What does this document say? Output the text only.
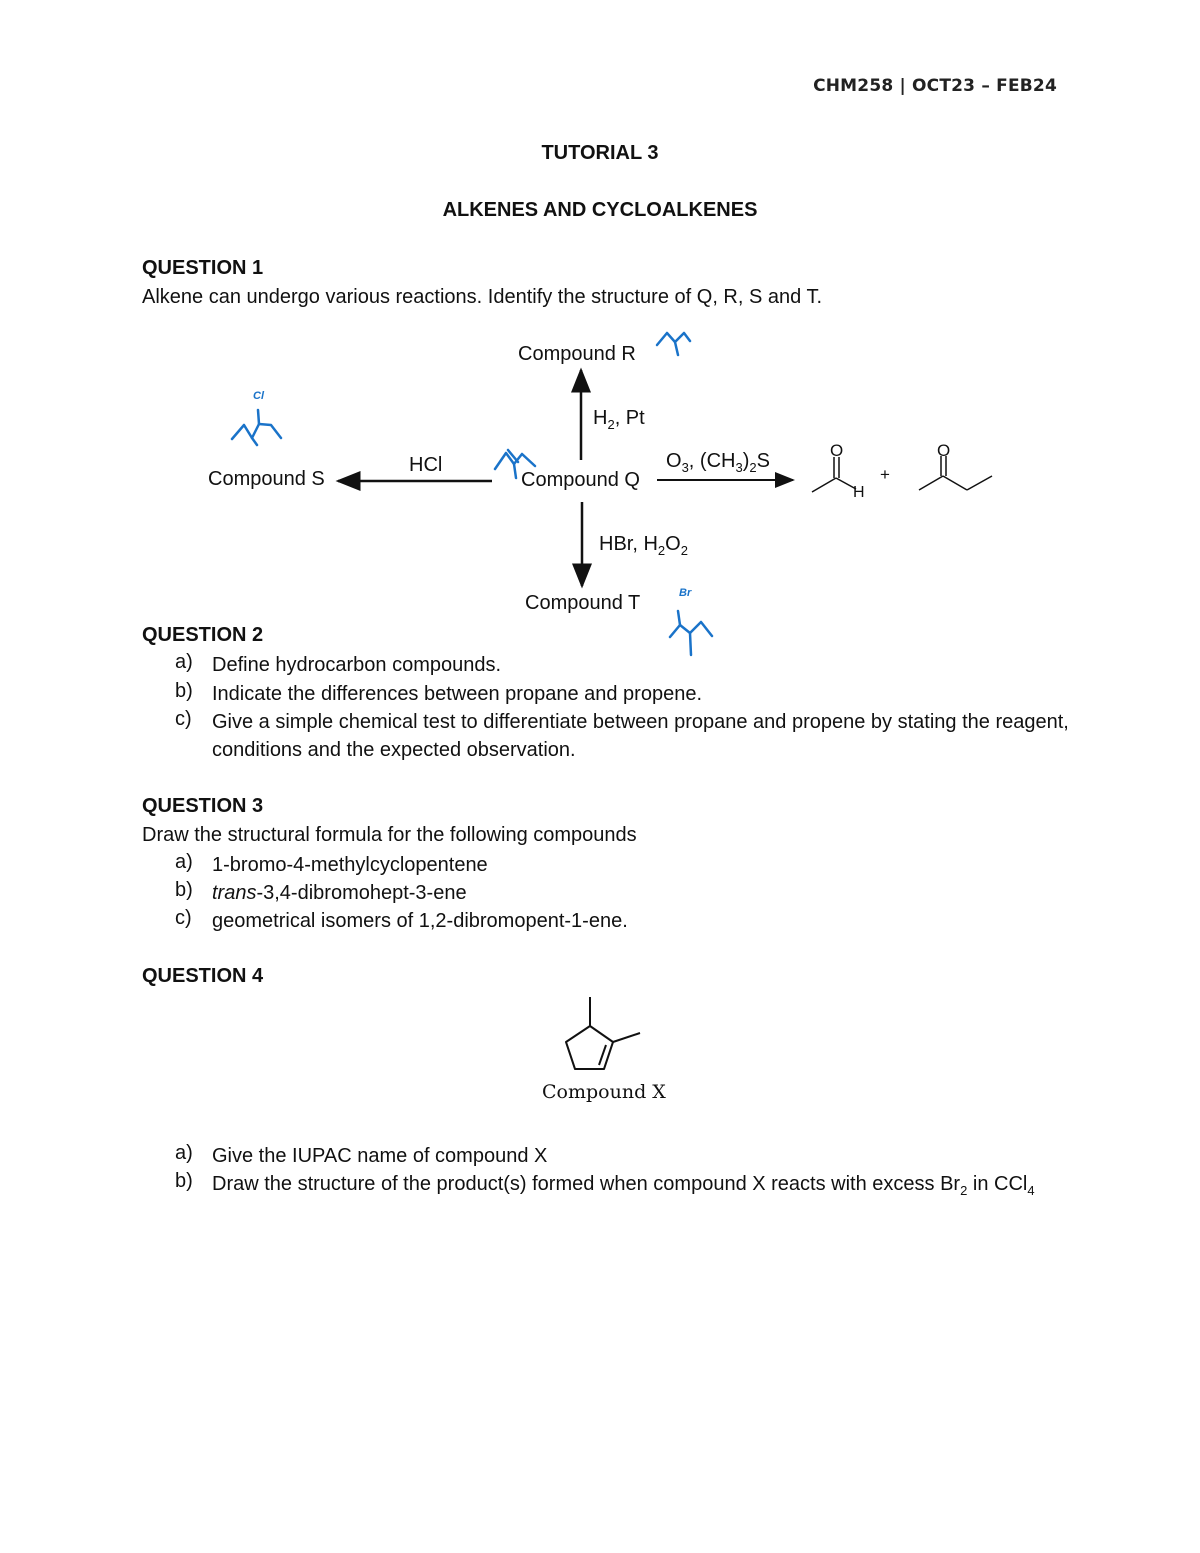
CHM258 | OCT23 – FEB24
TUTORIAL 3
ALKENES AND CYCLOALKENES
QUESTION 1
Alkene can undergo various reactions. Identify the structure of Q, R, S and T.
Compound R
Compound S	Compound Q
Compound T
$H_2$, Pt
HCl	$O_3$, $(CH_3)_2S$
HBr, $H_2O_2$
O
H
+
O
Cl
Br
QUESTION 2
a) Define hydrocarbon compounds.
b) Indicate the differences between propane and propene.
c) Give a simple chemical test to differentiate between propane and propene by stating the reagent, conditions and the expected observation.
QUESTION 3
Draw the structural formula for the following compounds
a) 1-bromo-4-methylcyclopentene
b) trans-3,4-dibromohept-3-ene
c) geometrical isomers of 1,2-dibromopent-1-ene.
QUESTION 4
Compound X
a) Give the IUPAC name of compound X
b) Draw the structure of the product(s) formed when compound X reacts with excess $Br_2$ in CCl$_4$
